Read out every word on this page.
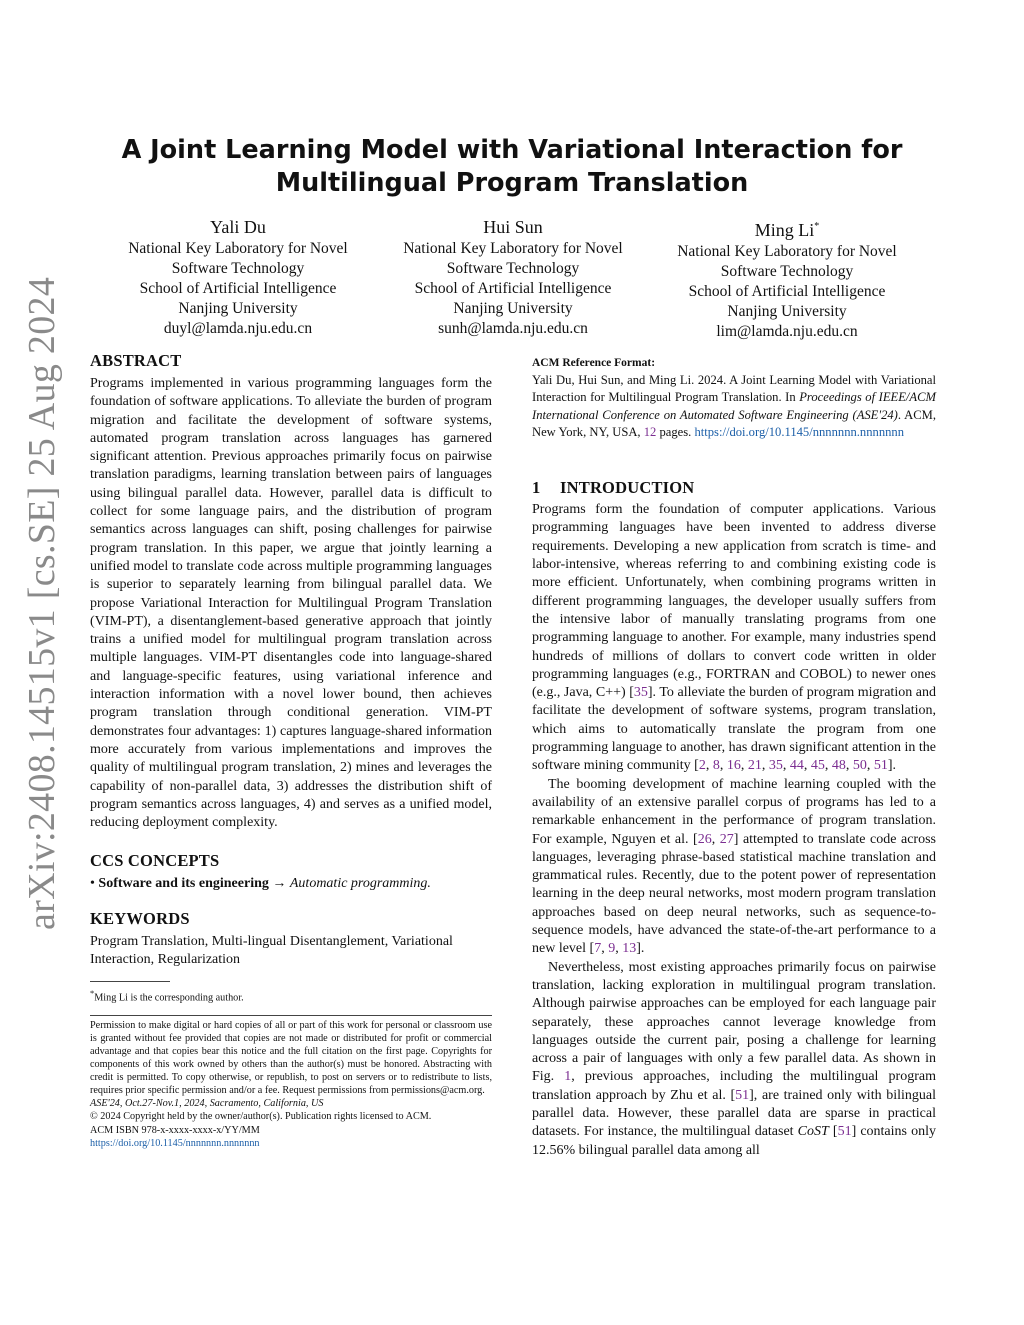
arXiv:2408.14515v1 [cs.SE] 25 Aug 2024
A Joint Learning Model with Variational Interaction for
Multilingual Program Translation
Yali Du
National Key Laboratory for Novel
Software Technology
School of Artificial Intelligence
Nanjing University
duyl@lamda.nju.edu.cn
Hui Sun
National Key Laboratory for Novel
Software Technology
School of Artificial Intelligence
Nanjing University
sunh@lamda.nju.edu.cn
Ming Li*
National Key Laboratory for Novel
Software Technology
School of Artificial Intelligence
Nanjing University
lim@lamda.nju.edu.cn
ABSTRACT

Programs implemented in various programming languages form the foundation of software applications. To alleviate the burden of program migration and facilitate the development of software systems, automated program translation across languages has garnered significant attention. Previous approaches primarily focus on pairwise translation paradigms, learning translation between pairs of languages using bilingual parallel data. However, parallel data is difficult to collect for some language pairs, and the distribution of program semantics across languages can shift, posing challenges for pairwise program translation. In this paper, we argue that jointly learning a unified model to translate code across multiple programming languages is superior to separately learning from bilingual parallel data. We propose Variational Interaction for Multilingual Program Translation (VIM-PT), a disentanglement-based generative approach that jointly trains a unified model for multilingual program translation across multiple languages. VIM-PT disentangles code into language-shared and language-specific features, using variational inference and interaction information with a novel lower bound, then achieves program translation through conditional generation. VIM-PT demonstrates four advantages: 1) captures language-shared information more accurately from various implementations and improves the quality of multilingual program translation, 2) mines and leverages the capability of non-parallel data, 3) addresses the distribution shift of program semantics across languages, 4) and serves as a unified model, reducing deployment complexity.

CCS CONCEPTS

• Software and its engineering → Automatic programming.

KEYWORDS

Program Translation, Multi-lingual Disentanglement, Variational Interaction, Regularization

*Ming Li is the corresponding author.

Permission to make digital or hard copies of all or part of this work for personal or classroom use is granted without fee provided that copies are not made or distributed for profit or commercial advantage and that copies bear this notice and the full citation on the first page. Copyrights for components of this work owned by others than the author(s) must be honored. Abstracting with credit is permitted. To copy otherwise, or republish, to post on servers or to redistribute to lists, requires prior specific permission and/or a fee. Request permissions from permissions@acm.org.

ASE'24, Oct.27-Nov.1, 2024, Sacramento, California, US

© 2024 Copyright held by the owner/author(s). Publication rights licensed to ACM.

ACM ISBN 978-x-xxxx-xxxx-x/YY/MM

https://doi.org/10.1145/nnnnnnn.nnnnnnn

ACM Reference Format:

Yali Du, Hui Sun, and Ming Li. 2024. A Joint Learning Model with Variational Interaction for Multilingual Program Translation. In Proceedings of IEEE/ACM International Conference on Automated Software Engineering (ASE'24). ACM, New York, NY, USA, 12 pages. https://doi.org/10.1145/nnnnnnn.nnnnnnn

1 INTRODUCTION

Programs form the foundation of computer applications. Various programming languages have been invented to address diverse requirements. Developing a new application from scratch is time- and labor-intensive, whereas referring to and combining existing code is more efficient. Unfortunately, when combining programs written in different programming languages, the developer usually suffers from the intensive labor of manually translating programs from one programming language to another. For example, many industries spend hundreds of millions of dollars to convert code written in older programming languages (e.g., FORTRAN and COBOL) to newer ones (e.g., Java, C++) [35]. To alleviate the burden of program migration and facilitate the development of software systems, program translation, which aims to automatically translate the program from one programming language to another, has drawn significant attention in the software mining community [2, 8, 16, 21, 35, 44, 45, 48, 50, 51].

The booming development of machine learning coupled with the availability of an extensive parallel corpus of programs has led to a remarkable enhancement in the performance of program translation. For example, Nguyen et al. [26, 27] attempted to translate code across languages, leveraging phrase-based statistical machine translation and grammatical rules. Recently, due to the potent power of representation learning in the deep neural networks, most modern program translation approaches based on deep neural networks, such as sequence-to-sequence models, have advanced the state-of-the-art performance to a new level [7, 9, 13].

Nevertheless, most existing approaches primarily focus on pairwise translation, lacking exploration in multilingual program translation. Although pairwise approaches can be employed for each language pair separately, these approaches cannot leverage knowledge from languages outside the current pair, posing a challenge for learning across a pair of languages with only a few parallel data. As shown in Fig. 1, previous approaches, including the multilingual program translation approach by Zhu et al. [51], are trained only with bilingual parallel data. However, these parallel data are sparse in practical datasets. For instance, the multilingual dataset CoST [51] contains only 12.56% bilingual parallel data among all
